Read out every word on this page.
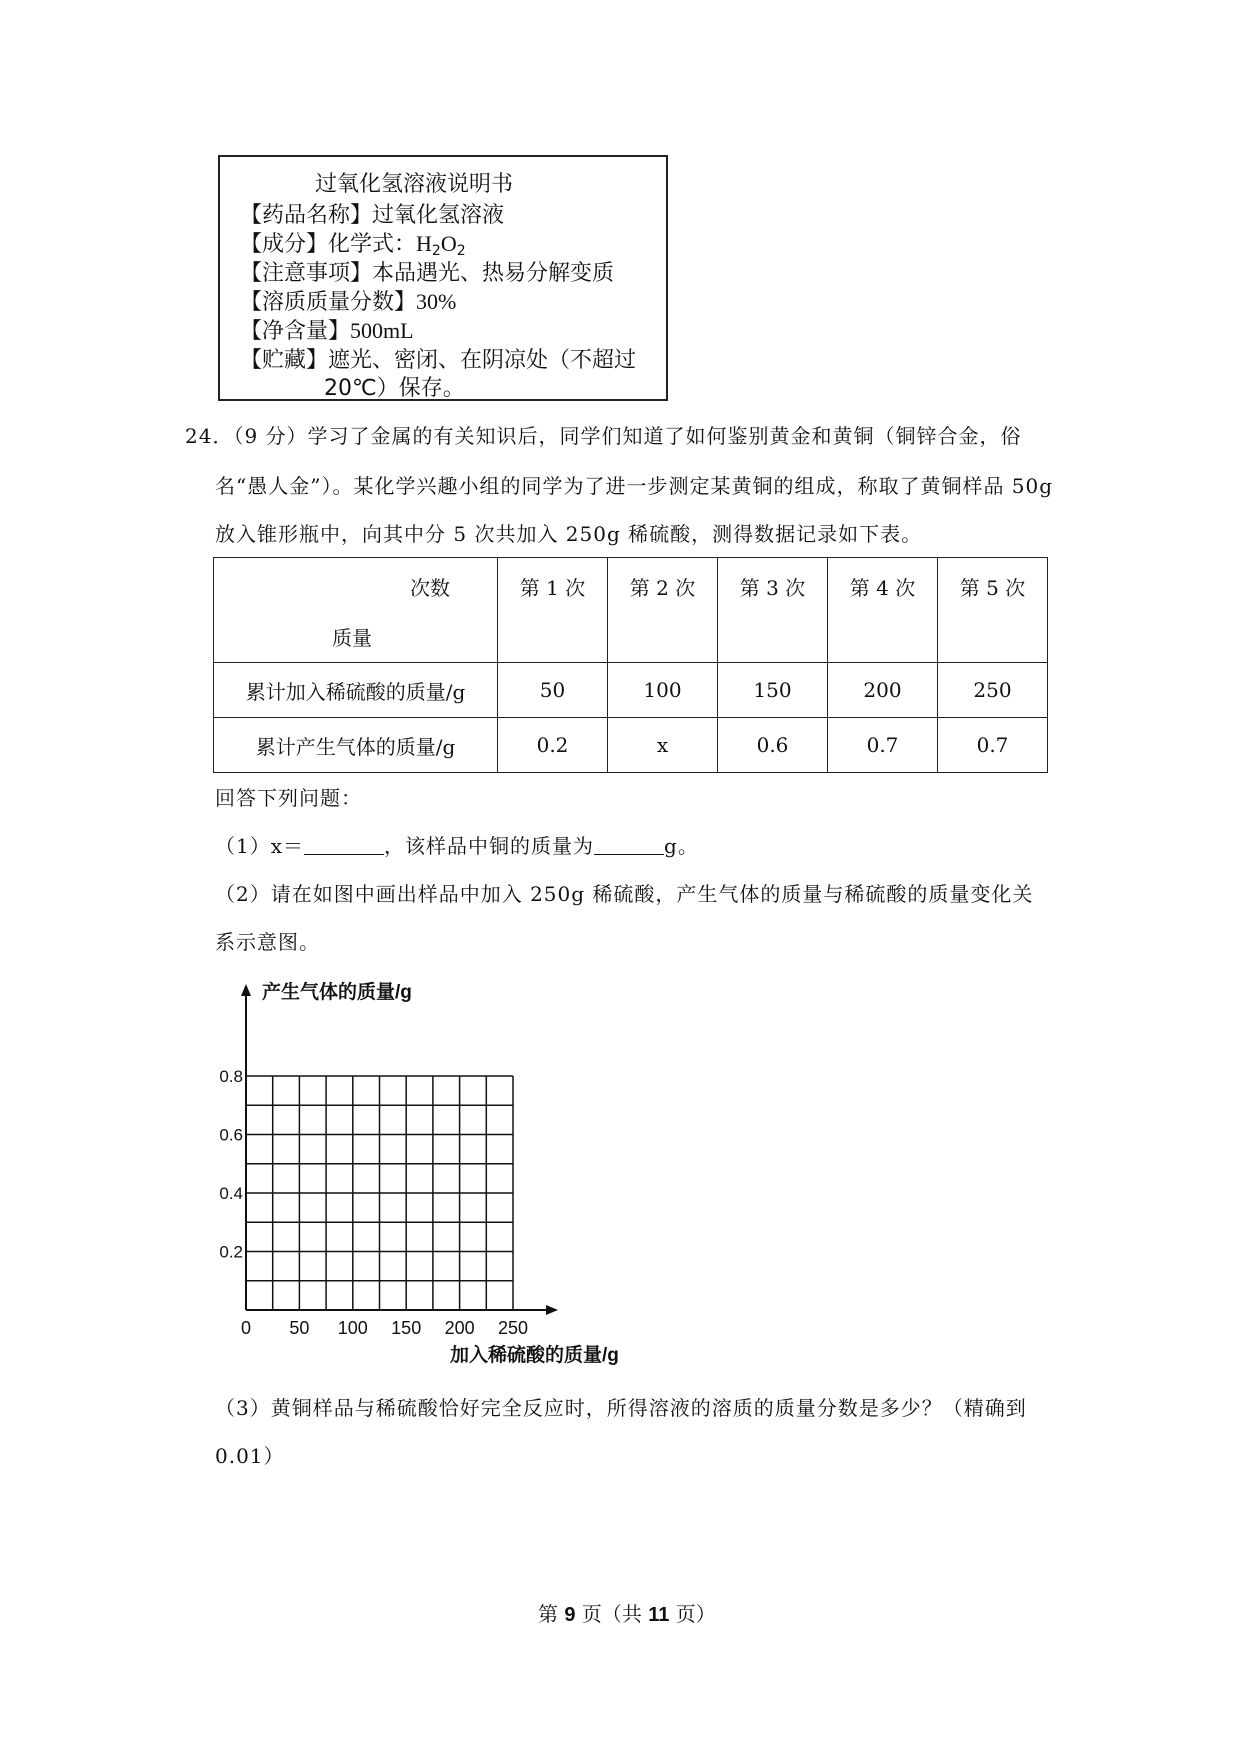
过氧化氢溶液说明书
【药品名称】过氧化氢溶液
【成分】化学式：$H_2O_2$
【注意事项】本品遇光、热易分解变质
【溶质质量分数】30%
【净含量】500mL
【贮藏】遮光、密闭、在阴凉处（不超过
20℃）保存。
24．（9 分）学习了金属的有关知识后，同学们知道了如何鉴别黄金和黄铜（铜锌合金，俗
名“愚人金”）。某化学兴趣小组的同学为了进一步测定某黄铜的组成，称取了黄铜样品 50g
放入锥形瓶中，向其中分 5 次共加入 250g 稀硫酸，测得数据记录如下表。
次数
质量	第 1 次	第 2 次	第 3 次	第 4 次	第 5 次
累计加入稀硫酸的质量/g	50	100	150	200	250
累计产生气体的质量/g	0.2	x	0.6	0.7	0.7
回答下列问题：
（1）x＝	，该样品中铜的质量为	g。
（2）请在如图中画出样品中加入 250g 稀硫酸，产生气体的质量与稀硫酸的质量变化关
系示意图。
0 50 100 150 200 250
0.2
0.4
0.6
0.8
产生气体的质量/g
加入稀硫酸的质量/g
（3）黄铜样品与稀硫酸恰好完全反应时，所得溶液的溶质的质量分数是多少？（精确到
0.01）
第 9 页（共 11 页）
